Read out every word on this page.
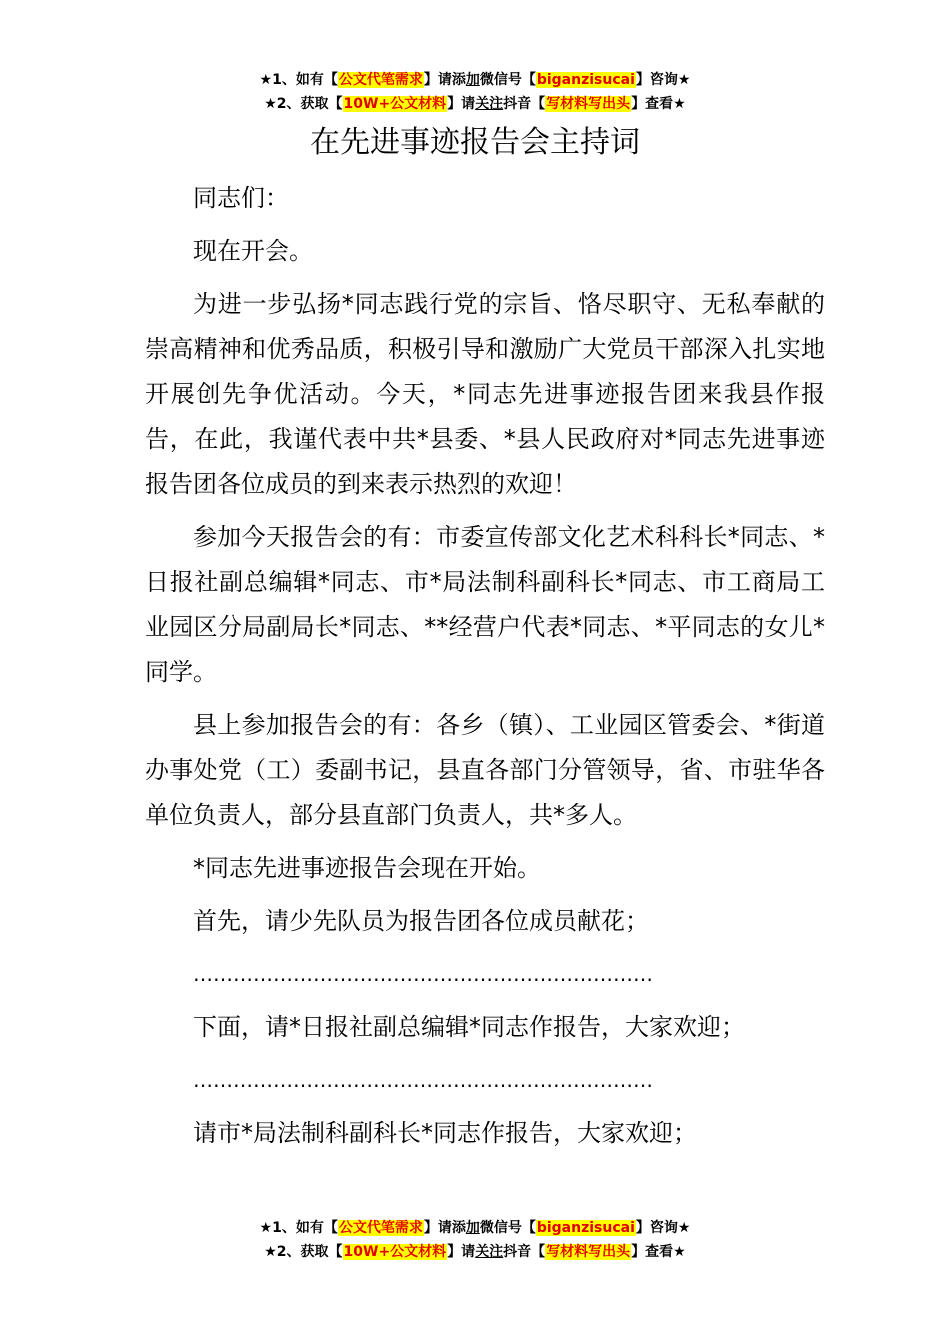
★1、如有【公文代笔需求】请添加微信号【biganzisucai】咨询★
★2、获取【10W+公文材料】请关注抖音【写材料写出头】查看★
在先进事迹报告会主持词

同志们：

现在开会。

为进一步弘扬*同志践行党的宗旨、恪尽职守、无私奉献的崇高精神和优秀品质，积极引导和激励广大党员干部深入扎实地开展创先争优活动。今天，*同志先进事迹报告团来我县作报告，在此，我谨代表中共*县委、*县人民政府对*同志先进事迹报告团各位成员的到来表示热烈的欢迎！

参加今天报告会的有：市委宣传部文化艺术科科长*同志、*日报社副总编辑*同志、市*局法制科副科长*同志、市工商局工业园区分局副局长*同志、**经营户代表*同志、*平同志的女儿*同学。

县上参加报告会的有：各乡（镇）、工业园区管委会、*街道办事处党（工）委副书记，县直各部门分管领导，省、市驻华各单位负责人，部分县直部门负责人，共*多人。

*同志先进事迹报告会现在开始。

首先，请少先队员为报告团各位成员献花；

……………………………………………………………

下面，请*日报社副总编辑*同志作报告，大家欢迎；

……………………………………………………………

请市*局法制科副科长*同志作报告，大家欢迎；

★1、如有【公文代笔需求】请添加微信号【biganzisucai】咨询★
★2、获取【10W+公文材料】请关注抖音【写材料写出头】查看★
